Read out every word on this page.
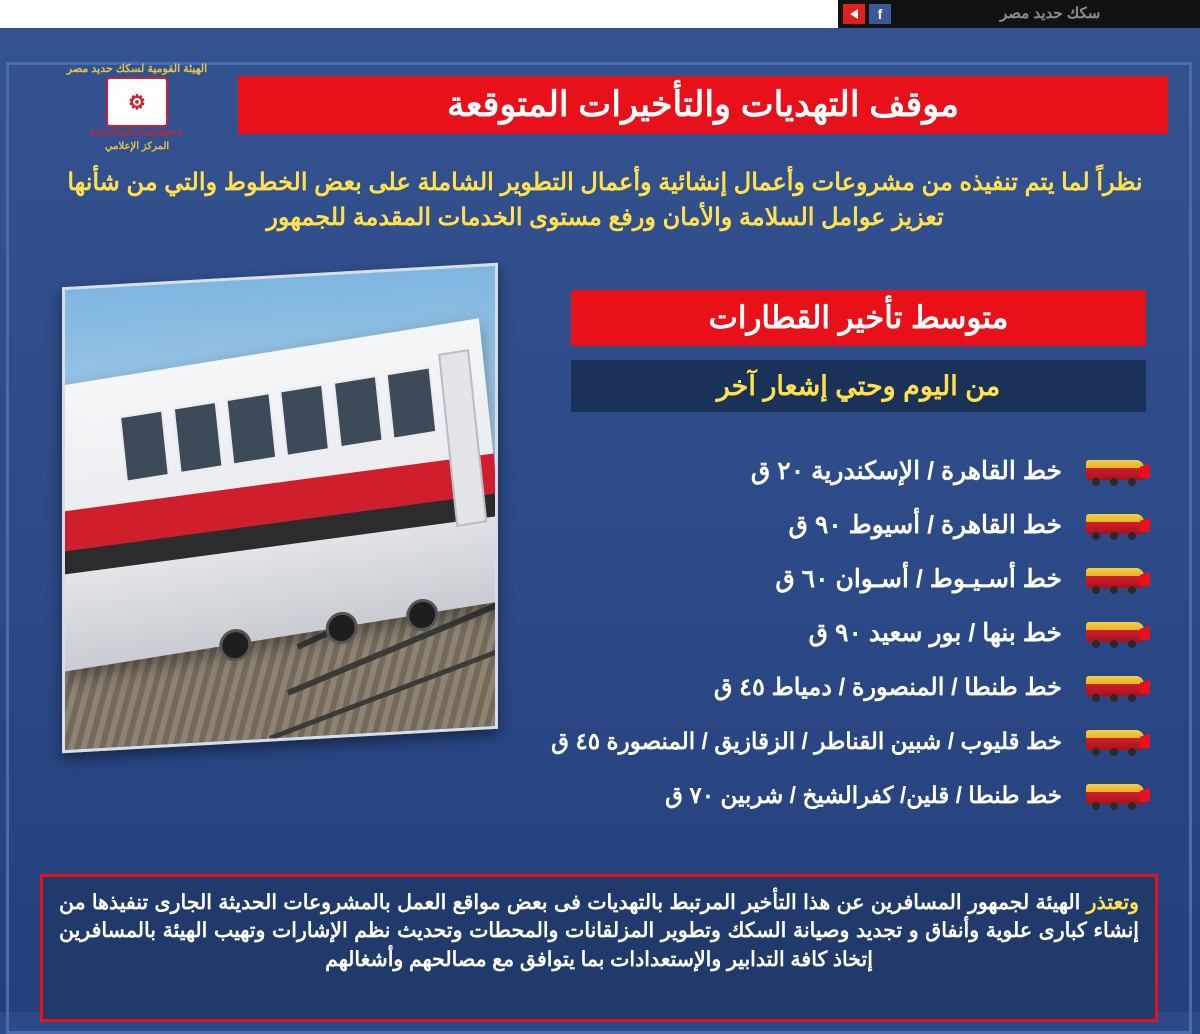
f	سكك حديد مصر
الهيئة القومية لسكك حديد مصر
⚙
EGYPTIAN RAILWAYS
المركز الإعلامي
موقف التهديات والتأخيرات المتوقعة
نظراً لما يتم تنفيذه من مشروعات وأعمال إنشائية وأعمال التطوير الشاملة على بعض الخطوط والتي من شأنها تعزيز عوامل السلامة والأمان ورفع مستوى الخدمات المقدمة للجمهور
متوسط تأخير القطارات
من اليوم وحتي إشعار آخر
خط القاهرة / الإسكندرية ٢٠ ق
خط القاهرة / أسيوط ٩٠ ق
خط أسـيـوط / أسـوان ٦٠ ق
خط بنها / بور سعيد ٩٠ ق
خط طنطا / المنصورة / دمياط ٤٥ ق
خط قليوب / شبين القناطر / الزقازيق / المنصورة ٤٥ ق
خط طنطا / قلين/ كفرالشيخ / شربين ٧٠ ق

وتعتذر الهيئة لجمهور المسافرين عن هذا التأخير المرتبط بالتهديات فى بعض مواقع العمل بالمشروعات الحديثة الجارى تنفيذها من إنشاء كبارى علوية وأنفاق و تجديد وصيانة السكك وتطوير المزلقانات والمحطات وتحديث نظم الإشارات وتهيب الهيئة بالمسافرين إتخاذ كافة التدابير والإستعدادات بما يتوافق مع مصالحهم وأشغالهم
